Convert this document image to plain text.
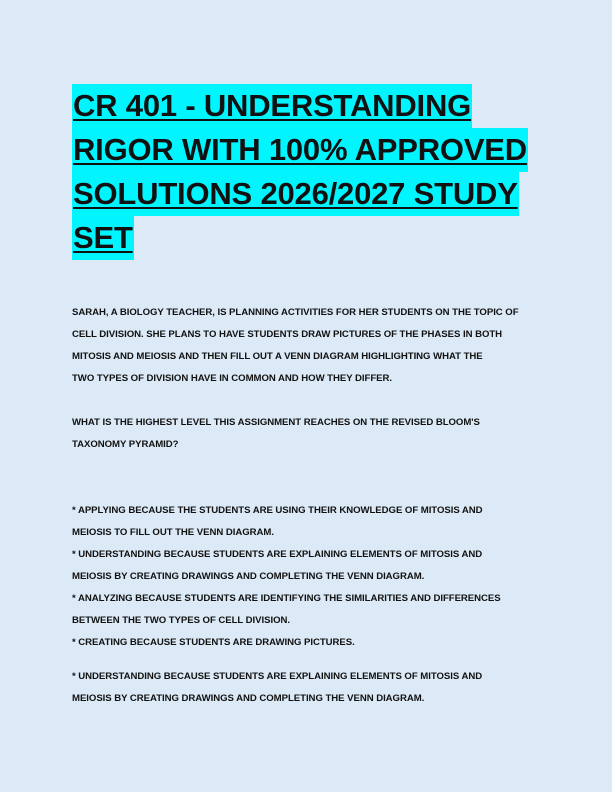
CR 401 - UNDERSTANDING
RIGOR WITH 100% APPROVED
SOLUTIONS 2026/2027 STUDY
SET
SARAH, A BIOLOGY TEACHER, IS PLANNING ACTIVITIES FOR HER STUDENTS ON THE TOPIC OF
CELL DIVISION. SHE PLANS TO HAVE STUDENTS DRAW PICTURES OF THE PHASES IN BOTH
MITOSIS AND MEIOSIS AND THEN FILL OUT A VENN DIAGRAM HIGHLIGHTING WHAT THE
TWO TYPES OF DIVISION HAVE IN COMMON AND HOW THEY DIFFER.
WHAT IS THE HIGHEST LEVEL THIS ASSIGNMENT REACHES ON THE REVISED BLOOM'S
TAXONOMY PYRAMID?
* APPLYING BECAUSE THE STUDENTS ARE USING THEIR KNOWLEDGE OF MITOSIS AND
MEIOSIS TO FILL OUT THE VENN DIAGRAM.
* UNDERSTANDING BECAUSE STUDENTS ARE EXPLAINING ELEMENTS OF MITOSIS AND
MEIOSIS BY CREATING DRAWINGS AND COMPLETING THE VENN DIAGRAM.
* ANALYZING BECAUSE STUDENTS ARE IDENTIFYING THE SIMILARITIES AND DIFFERENCES
BETWEEN THE TWO TYPES OF CELL DIVISION.
* CREATING BECAUSE STUDENTS ARE DRAWING PICTURES.
* UNDERSTANDING BECAUSE STUDENTS ARE EXPLAINING ELEMENTS OF MITOSIS AND
MEIOSIS BY CREATING DRAWINGS AND COMPLETING THE VENN DIAGRAM.
